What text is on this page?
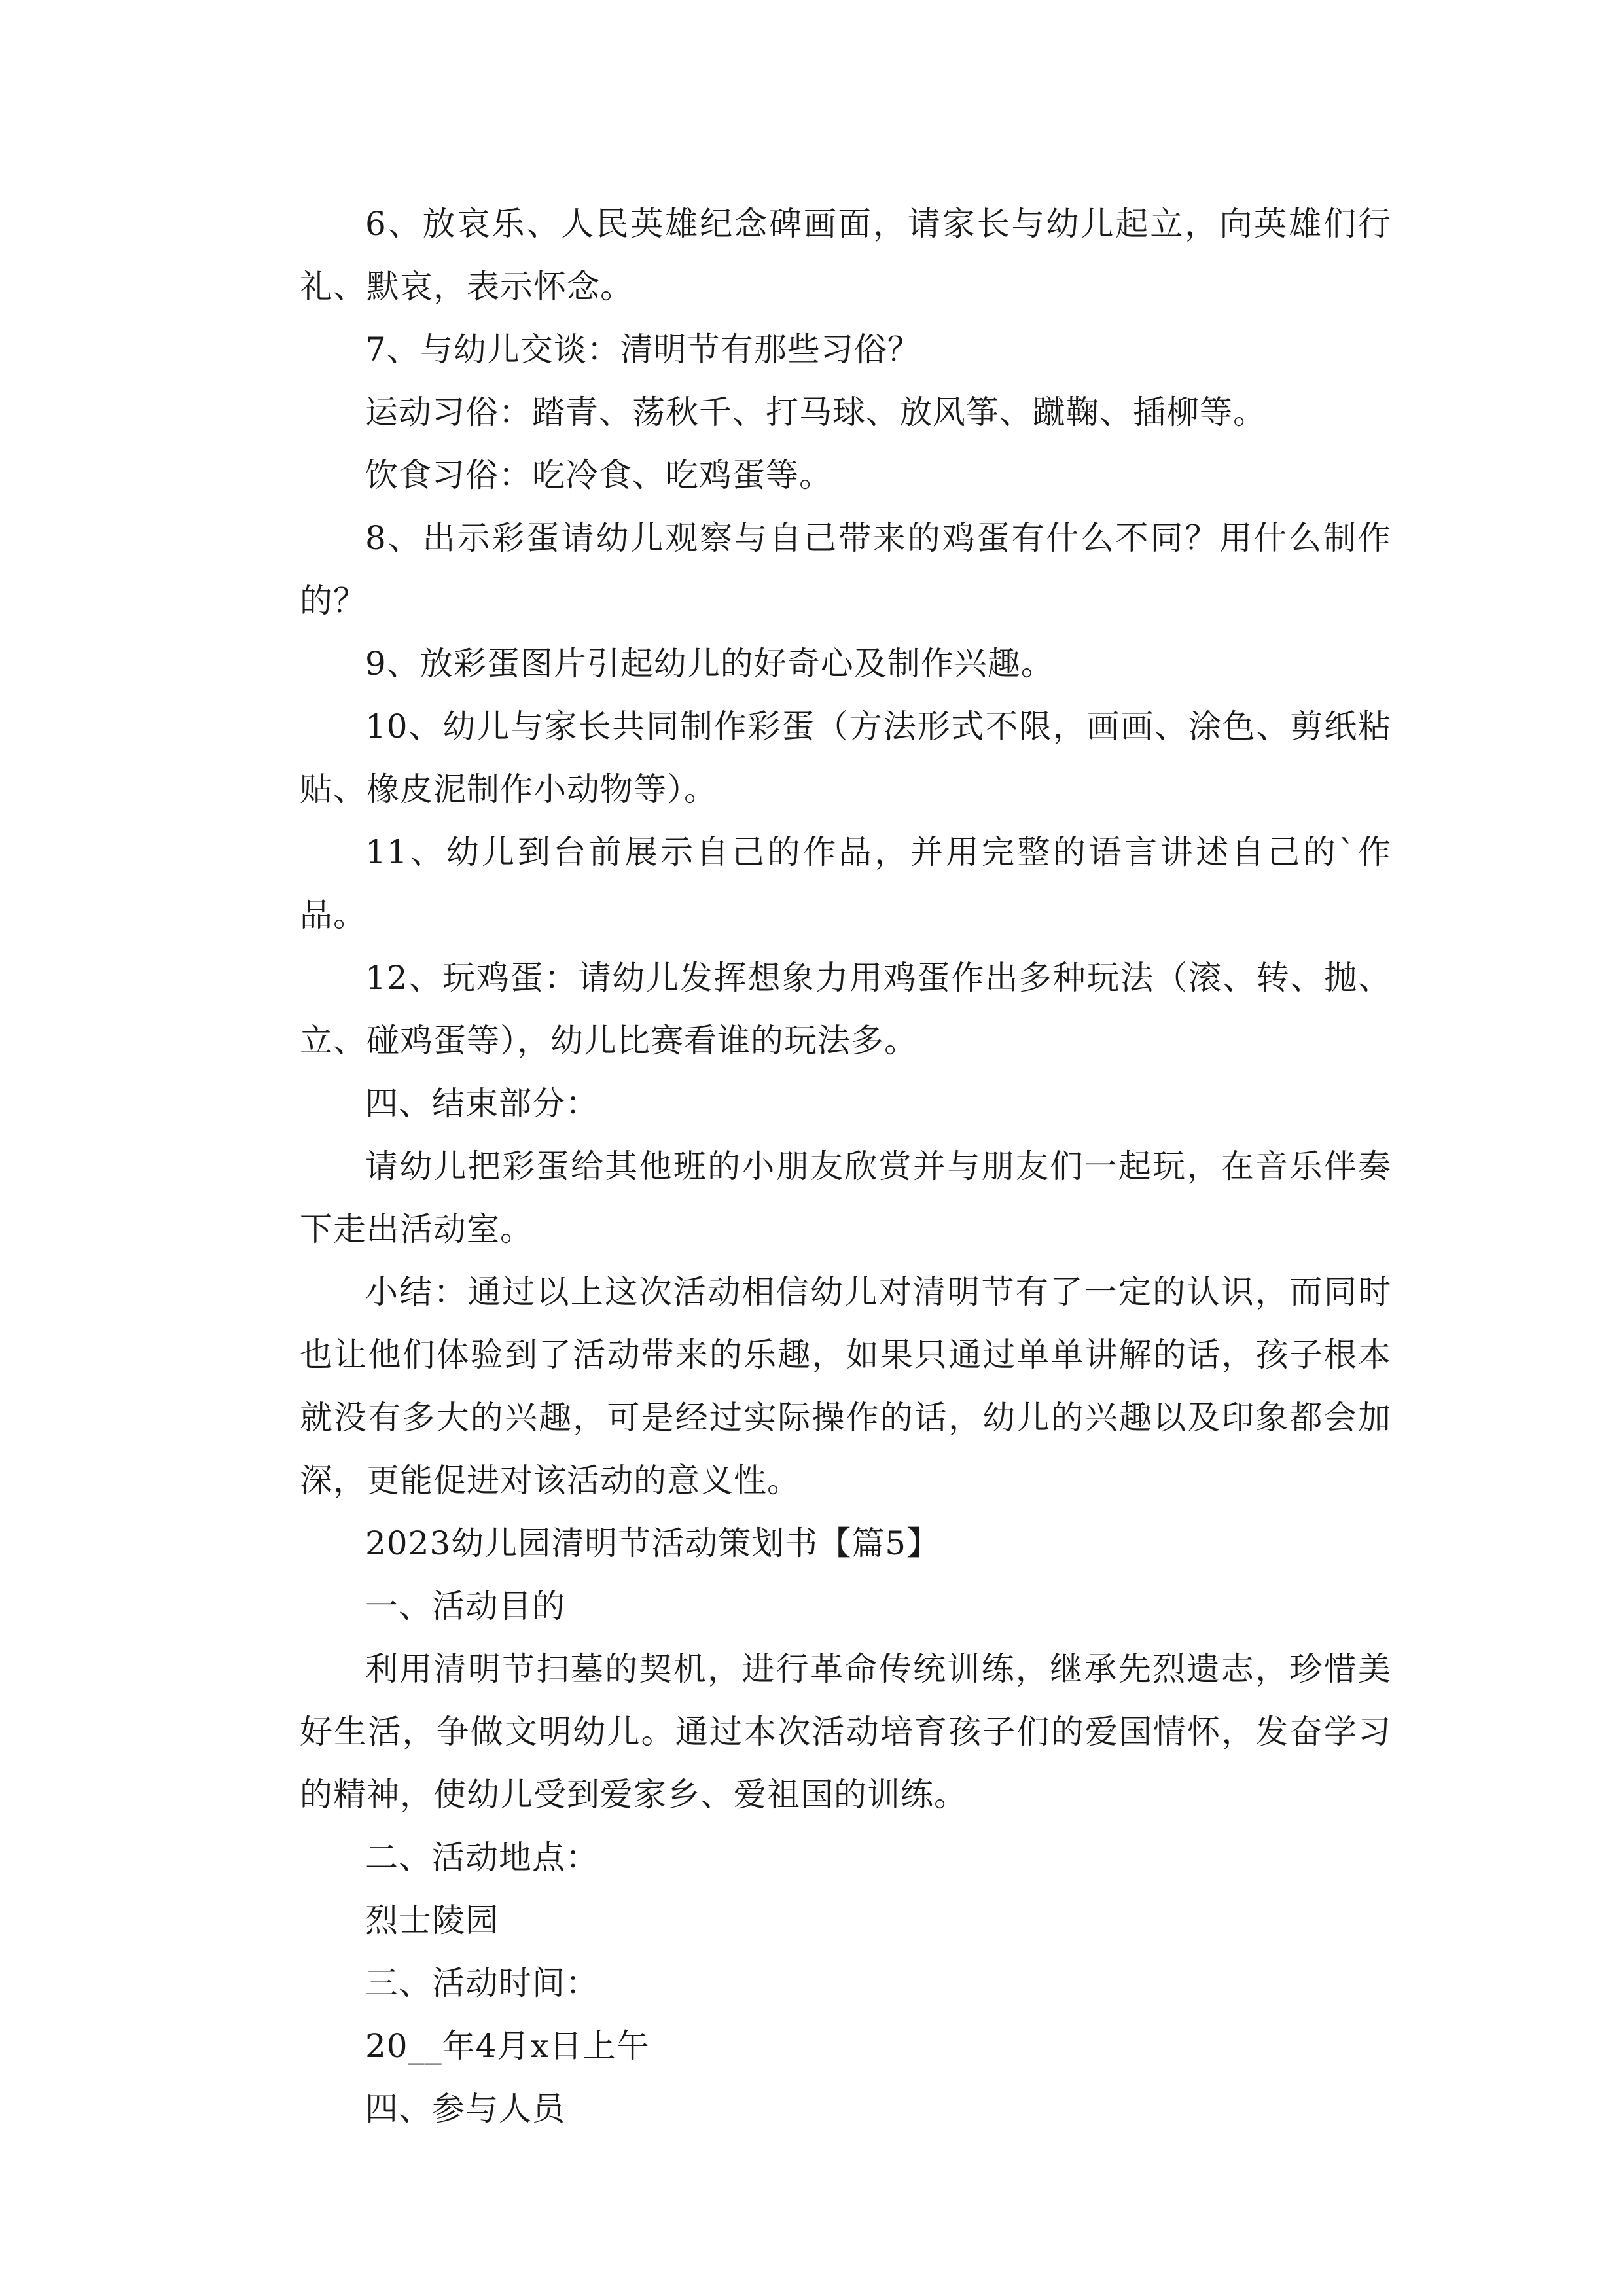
6、放哀乐、人民英雄纪念碑画面，请家长与幼儿起立，向英雄们行礼、默哀，表示怀念。

7、与幼儿交谈：清明节有那些习俗？

运动习俗：踏青、荡秋千、打马球、放风筝、蹴鞠、插柳等。

饮食习俗：吃冷食、吃鸡蛋等。

8、出示彩蛋请幼儿观察与自己带来的鸡蛋有什么不同？用什么制作的？

9、放彩蛋图片引起幼儿的好奇心及制作兴趣。

10、幼儿与家长共同制作彩蛋（方法形式不限，画画、涂色、剪纸粘贴、橡皮泥制作小动物等）。

11、幼儿到台前展示自己的作品，并用完整的语言讲述自己的`作品。

12、玩鸡蛋：请幼儿发挥想象力用鸡蛋作出多种玩法（滚、转、抛、立、碰鸡蛋等），幼儿比赛看谁的玩法多。

四、结束部分：

请幼儿把彩蛋给其他班的小朋友欣赏并与朋友们一起玩，在音乐伴奏下走出活动室。

小结：通过以上这次活动相信幼儿对清明节有了一定的认识，而同时也让他们体验到了活动带来的乐趣，如果只通过单单讲解的话，孩子根本就没有多大的兴趣，可是经过实际操作的话，幼儿的兴趣以及印象都会加深，更能促进对该活动的意义性。

2023幼儿园清明节活动策划书【篇5】

一、活动目的

利用清明节扫墓的契机，进行革命传统训练，继承先烈遗志，珍惜美好生活，争做文明幼儿。通过本次活动培育孩子们的爱国情怀，发奋学习的精神，使幼儿受到爱家乡、爱祖国的训练。

二、活动地点：

烈士陵园

三、活动时间：

20__年4月x日上午

四、参与人员
